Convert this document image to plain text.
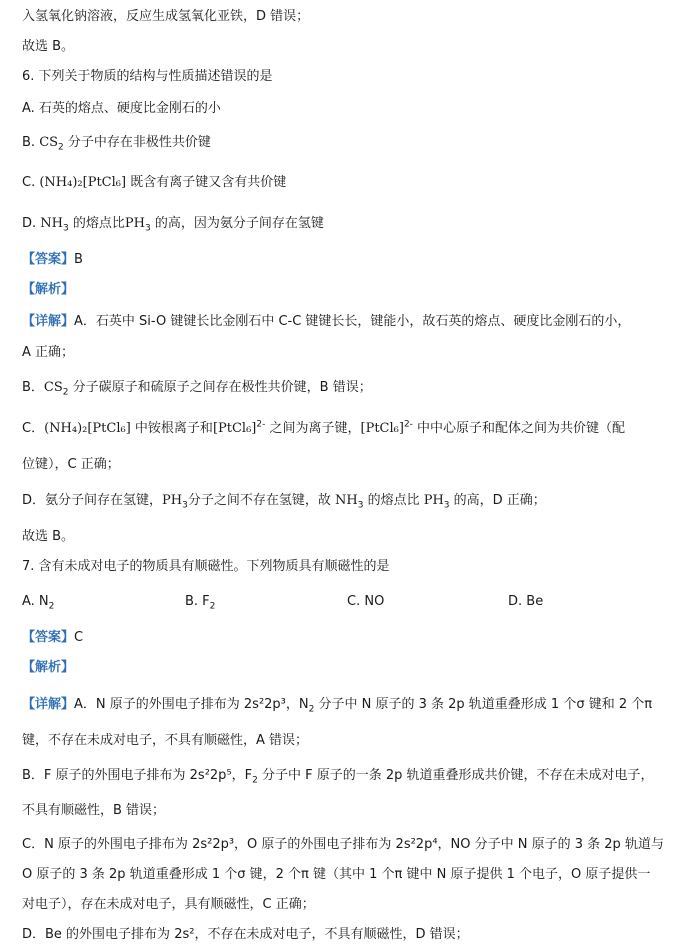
入氢氧化钠溶液，反应生成氢氧化亚铁，D 错误；
故选 B。
6. 下列关于物质的结构与性质描述错误的是
A. 石英的熔点、硬度比金刚石的小
B. $CS_2$ 分子中存在非极性共价键
C. (NH₄)₂[PtCl₆] 既含有离子键又含有共价键
D. $NH_3$ 的熔点比$PH_3$ 的高，因为氨分子间存在氢键
【答案】B
【解析】
【详解】A．石英中 Si-O 键键长比金刚石中 C-C 键键长长，键能小，故石英的熔点、硬度比金刚石的小，
A 正确；
B．$CS_2$ 分子碳原子和硫原子之间存在极性共价键，B 错误；
C．(NH₄)₂[PtCl₆] 中铵根离子和[PtCl₆]$^{2-}$ 之间为离子键，[PtCl₆]$^{2-}$ 中中心原子和配体之间为共价键（配
位键），C 正确；
D．氨分子间存在氢键，$PH_3$分子之间不存在氢键，故 $NH_3$ 的熔点比 $PH_3$ 的高，D 正确；
故选 B。
7. 含有未成对电子的物质具有顺磁性。下列物质具有顺磁性的是
A. $N_2$	B. $F_2$	C. NO	D. Be
【答案】C
【解析】
【详解】A．N 原子的外围电子排布为 2s²2p³，$N_2$ 分子中 N 原子的 3 条 2p 轨道重叠形成 1 个σ 键和 2 个π
键，不存在未成对电子，不具有顺磁性，A 错误；
B．F 原子的外围电子排布为 2s²2p⁵，$F_2$ 分子中 F 原子的一条 2p 轨道重叠形成共价键，不存在未成对电子，
不具有顺磁性，B 错误；
C．N 原子的外围电子排布为 2s²2p³，O 原子的外围电子排布为 2s²2p⁴，NO 分子中 N 原子的 3 条 2p 轨道与
O 原子的 3 条 2p 轨道重叠形成 1 个σ 键，2 个π 键（其中 1 个π 键中 N 原子提供 1 个电子，O 原子提供一
对电子），存在未成对电子，具有顺磁性，C 正确；
D．Be 的外围电子排布为 2s²，不存在未成对电子，不具有顺磁性，D 错误；
